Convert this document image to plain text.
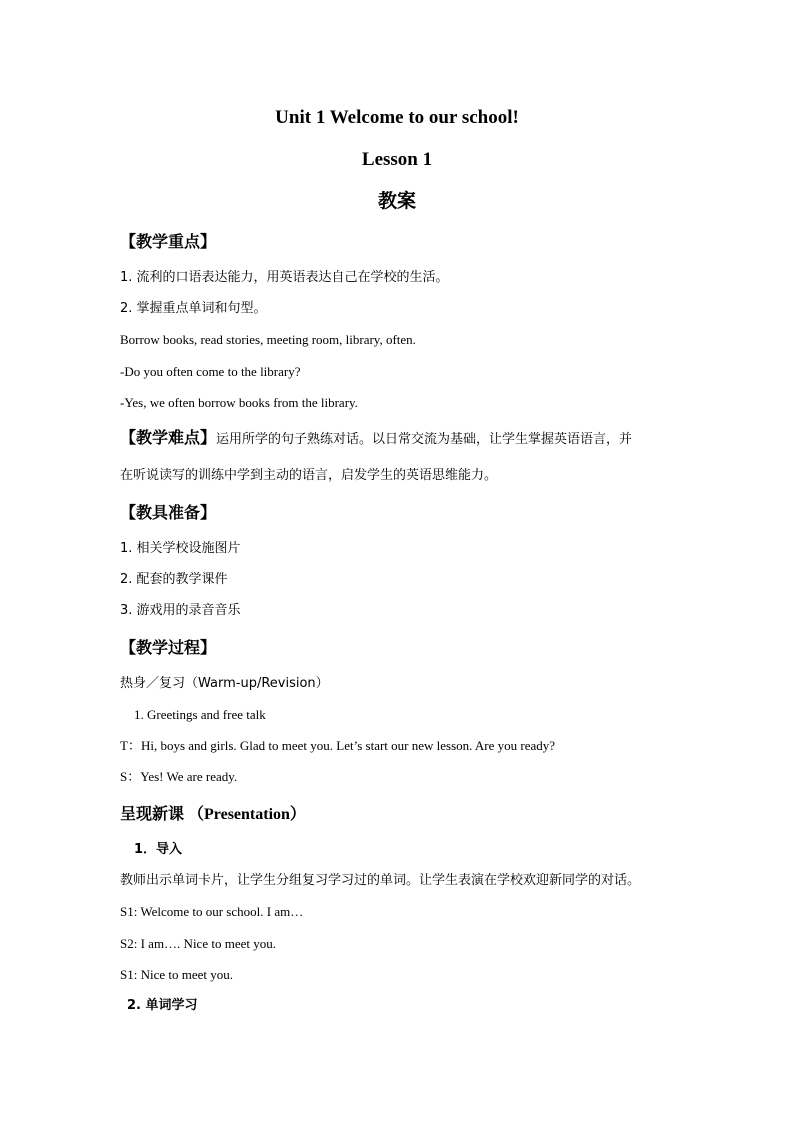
Unit 1 Welcome to our school!
Lesson 1
教案
【教学重点】
1. 流利的口语表达能力，用英语表达自己在学校的生活。
2. 掌握重点单词和句型。
Borrow books, read stories, meeting room, library, often.
-Do you often come to the library?
-Yes, we often borrow books from the library.
【教学难点】运用所学的句子熟练对话。以日常交流为基础，让学生掌握英语语言，并
在听说读写的训练中学到主动的语言，启发学生的英语思维能力。
【教具准备】
1. 相关学校设施图片
2. 配套的教学课件
3. 游戏用的录音音乐
【教学过程】
热身／复习（Warm-up/Revision）
1. Greetings and free talk
T：Hi, boys and girls. Glad to meet you. Let’s start our new lesson. Are you ready?
S：Yes! We are ready.
呈现新课 （Presentation）
1．导入
教师出示单词卡片，让学生分组复习学习过的单词。让学生表演在学校欢迎新同学的对话。
S1: Welcome to our school. I am…
S2: I am…. Nice to meet you.
S1: Nice to meet you.
2. 单词学习
